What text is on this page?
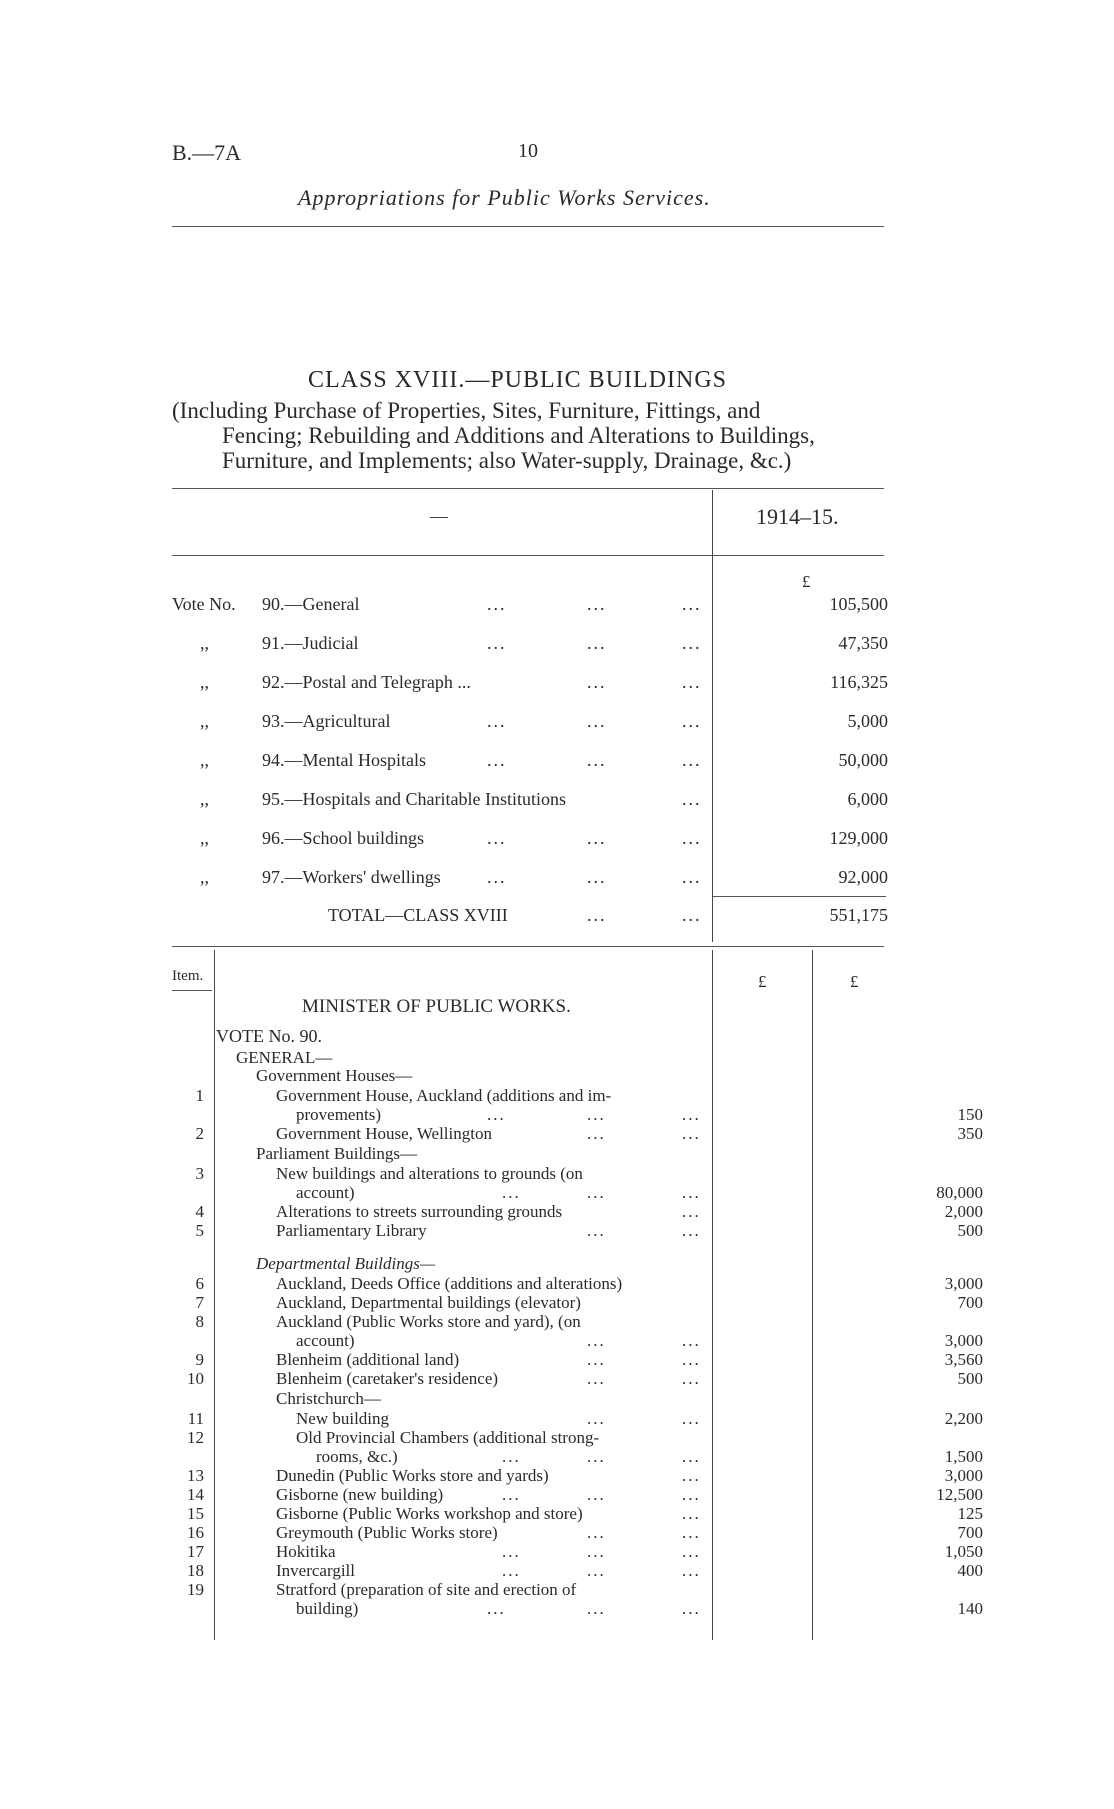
B.—7A	10
Appropriations for Public Works Services.
CLASS XVIII.—PUBLIC BUILDINGS
(Including Purchase of Properties, Sites, Furniture, Fittings, and
Fencing; Rebuilding and Additions and Alterations to Buildings,
Furniture, and Implements; also Water-supply, Drainage, &c.)
—	1914–15.
£
Vote No. 90.—General	...	...	...	105,500
,,	91.—Judicial	...	...	...	47,350
,,	92.—Postal and Telegraph ...	...	...	116,325
,,	93.—Agricultural	...	...	...	5,000
,,	94.—Mental Hospitals	...	...	...	50,000
,,	95.—Hospitals and Charitable Institutions	...	6,000
,,	96.—School buildings	...	...	...	129,000
,,	97.—Workers' dwellings	...	...	...	92,000
TOTAL—CLASS XVIII	...	...	551,175
Item.	£	£
MINISTER OF PUBLIC WORKS.
VOTE No. 90.
GENERAL—
Government Houses—
1	Government House, Auckland (additions and im-
provements)	...	...	...	150
2	Government House, Wellington	...	...	350
Parliament Buildings—
3	New buildings and alterations to grounds (on
account)	...	...	...	80,000
4	Alterations to streets surrounding grounds	...	2,000
5	Parliamentary Library	...	...	500
Departmental Buildings—
6	Auckland, Deeds Office (additions and alterations)	3,000
7	Auckland, Departmental buildings (elevator)	700
8	Auckland (Public Works store and yard), (on
account)	...	...	3,000
9	Blenheim (additional land)	...	...	3,560
10	Blenheim (caretaker's residence)	...	...	500
Christchurch—
11	New building	...	...	2,200
12	Old Provincial Chambers (additional strong-
rooms, &c.)	...	...	...	1,500
13	Dunedin (Public Works store and yards)	...	3,000
14	Gisborne (new building)	...	...	...	12,500
15	Gisborne (Public Works workshop and store)	...	125
16	Greymouth (Public Works store)	...	...	700
17	Hokitika	...	...	...	1,050
18	Invercargill	...	...	...	400
19	Stratford (preparation of site and erection of
building)	...	...	...	140
